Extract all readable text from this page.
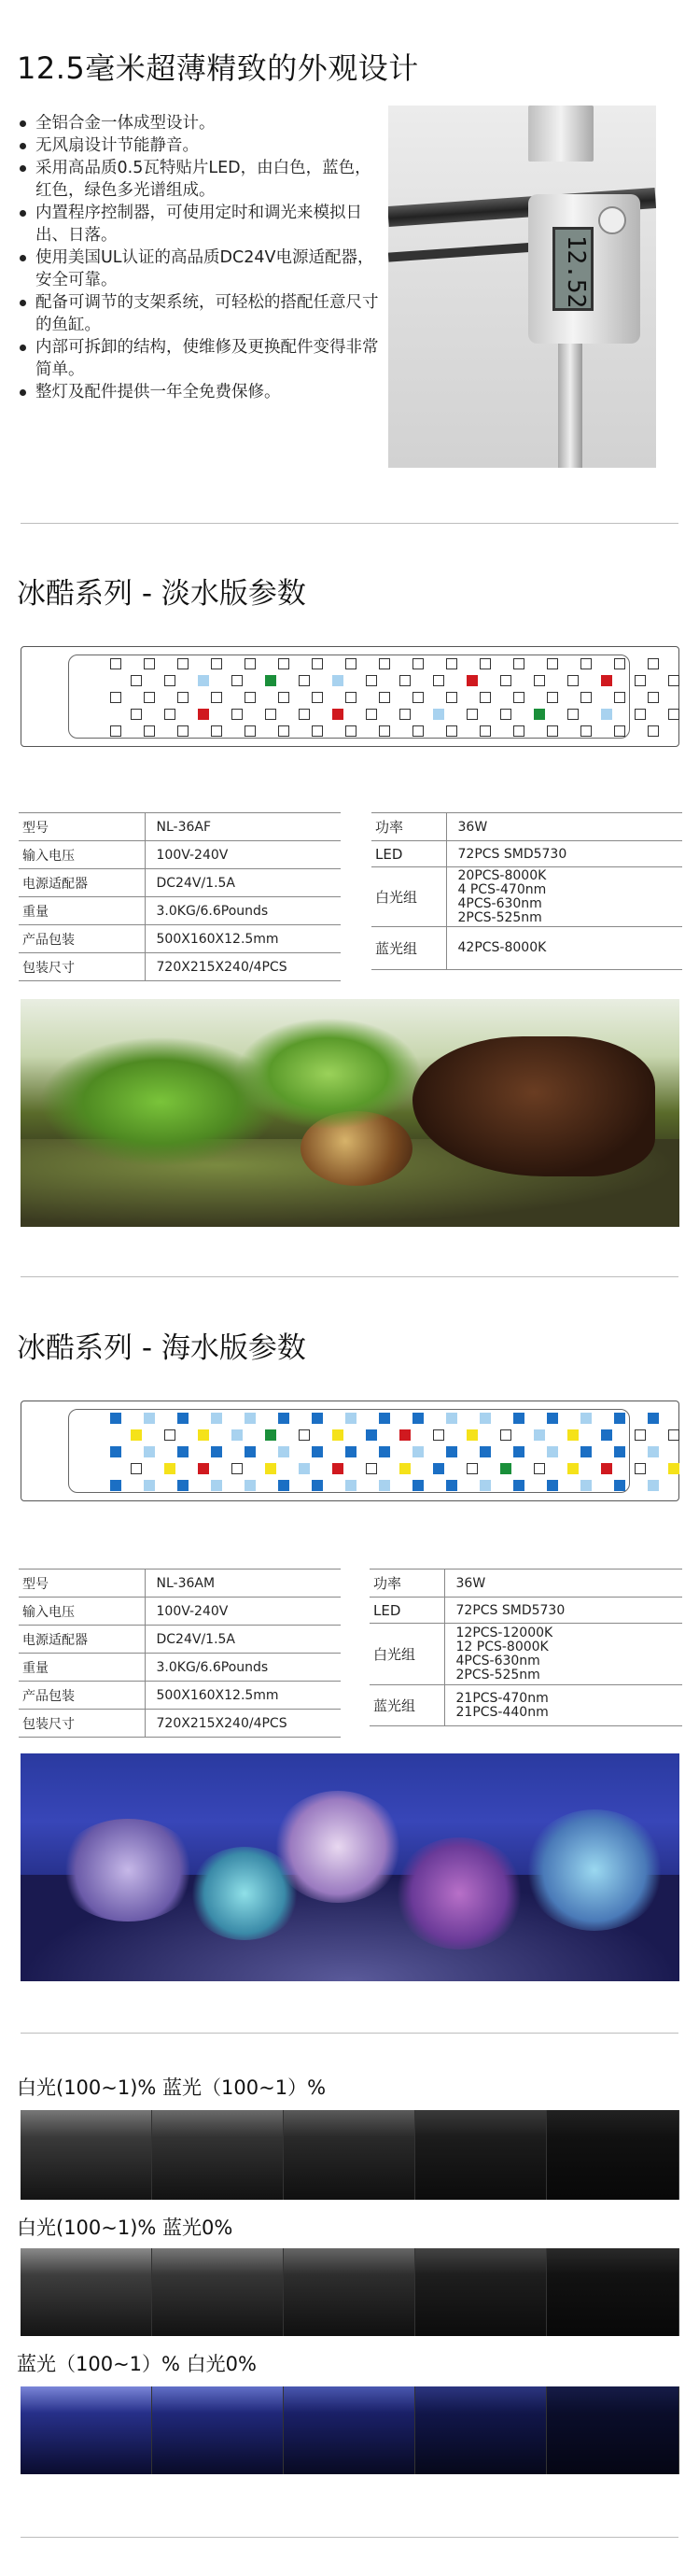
12.5毫米超薄精致的外观设计
全铝合金一体成型设计。
无风扇设计节能静音。
采用高品质0.5瓦特贴片LED，由白色，蓝色，红色，绿色多光谱组成。
内置程序控制器，可使用定时和调光来模拟日出、日落。
使用美国UL认证的高品质DC24V电源适配器，安全可靠。
配备可调节的支架系统，可轻松的搭配任意尺寸的鱼缸。
内部可拆卸的结构，使维修及更换配件变得非常简单。
整灯及配件提供一年全免费保修。
12.52
冰酷系列 - 淡水版参数
型号	NL-36AF
输入电压	100V-240V
电源适配器	DC24V/1.5A
重量	3.0KG/6.6Pounds
产品包装	500X160X12.5mm
包装尺寸	720X215X240/4PCS
功率	36W
LED	72PCS SMD5730
白光组	20PCS-8000K
4 PCS-470nm
4PCS-630nm
2PCS-525nm

蓝光组	42PCS-8000K
冰酷系列 - 海水版参数
型号	NL-36AM
输入电压	100V-240V
电源适配器	DC24V/1.5A
重量	3.0KG/6.6Pounds
产品包装	500X160X12.5mm
包装尺寸	720X215X240/4PCS
功率	36W
LED	72PCS SMD5730
白光组	12PCS-12000K
12 PCS-8000K
4PCS-630nm
2PCS-525nm

蓝光组	21PCS-470nm
21PCS-440nm
白光(100~1)% 蓝光（100~1）%
白光(100~1)% 蓝光0%
蓝光（100~1）% 白光0%
